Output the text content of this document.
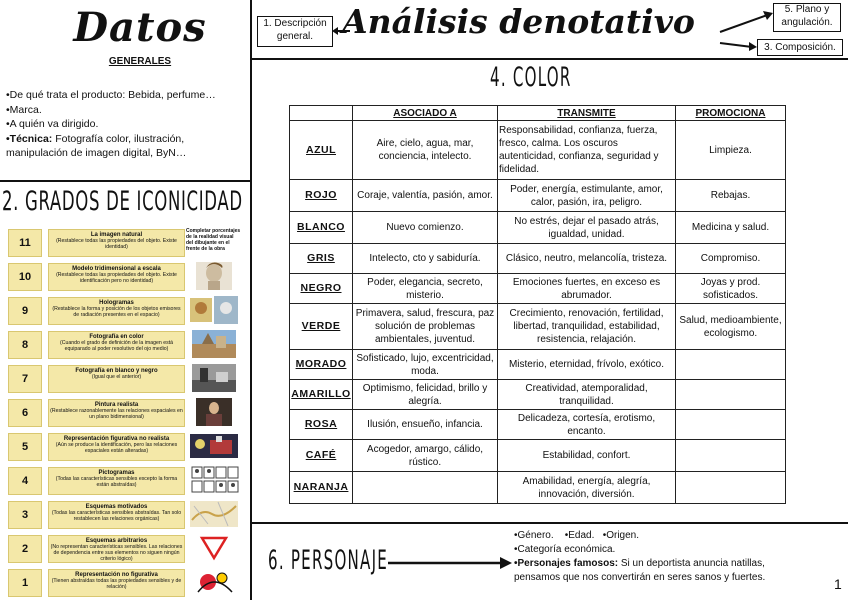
Datos
GENERALES
•De qué trata el producto: Bebida, perfume…
•Marca.
•A quién va dirigido.
•Técnica: Fotografía color, ilustración,
manipulación de imagen digital, ByN…
2. GRADOS DE ICONICIDAD
Completar porcentajes de la realidad visual del dibujante en el frente de la obra
11
La imagen natural
(Restablece todas las propiedades del objeto. Existe identidad)
10
Modelo tridimensional a escala
(Restablece todas las propiedades del objeto. Existe identificación pero no identidad)
9
Hologramas
(Restablece la forma y posición de los objetos emisores de radiación presentes en el espacio)
8
Fotografía en color
(Cuando el grado de definición de la imagen está equiparado al poder resolutivo del ojo medio)
7
Fotografía en blanco y negro
(Igual que el anterior)
6
Pintura realista
(Restablece razonablemente las relaciones espaciales en un plano bidimensional)
5
Representación figurativa no realista
(Aún se produce la identificación, pero las relaciones espaciales están alteradas)
4
Pictogramas
(Todas las características sensibles excepto la forma están abstraídas)
3
Esquemas motivados
(Todas las características sensibles abstraídas. Tan solo restablecen las relaciones orgánicas)
2
Esquemas arbitrarios
(No representan características sensibles. Las relaciones de dependencia entre sus elementos no siguen ningún criterio lógico)
1
Representación no figurativa
(Tienen abstraídas todas las propiedades sensibles y de relación)
1. Descripción general. Análisis denotativo	5. Plano y angulación.
3. Composición.
4. COLOR
	ASOCIADO A	TRANSMITE	PROMOCIONA
AZUL	Aire, cielo, agua, mar, conciencia, intelecto.	Responsabilidad, confianza, fuerza, fresco, calma. Los oscuros autenticidad, confianza, seguridad y fidelidad.	Limpieza.
ROJO	Coraje, valentía, pasión, amor.	Poder, energía, estimulante, amor, calor, pasión, ira, peligro.	Rebajas.
BLANCO	Nuevo comienzo.	No estrés, dejar el pasado atrás, igualdad, unidad.	Medicina y salud.
GRIS	Intelecto, cto y sabiduría.	Clásico, neutro, melancolía, tristeza.	Compromiso.
NEGRO	Poder, elegancia, secreto, misterio.	Emociones fuertes, en exceso es abrumador.	Joyas y prod. sofisticados.
VERDE	Primavera, salud, frescura, paz solución de problemas ambientales, juventud.	Crecimiento, renovación, fertilidad, libertad, tranquilidad, estabilidad, resistencia, relajación.	Salud, medioambiente, ecologismo.
MORADO	Sofisticado, lujo, excentricidad, moda.	Misterio, eternidad, frívolo, exótico.	
AMARILLO	Optimismo, felicidad, brillo y alegría.	Creatividad, atemporalidad, tranquilidad.	
ROSA	Ilusión, ensueño, infancia.	Delicadeza, cortesía, erotismo, encanto.	
CAFÉ	Acogedor, amargo, cálido, rústico.	Estabilidad, confort.	
NARANJA		Amabilidad, energía, alegría, innovación, diversión.	
6. PERSONAJE
•Género.    •Edad.   •Origen.
•Categoría económica.
•Personajes famosos: Si un deportista anuncia natillas,
pensamos que nos convertirán en seres sanos y fuertes.	1
